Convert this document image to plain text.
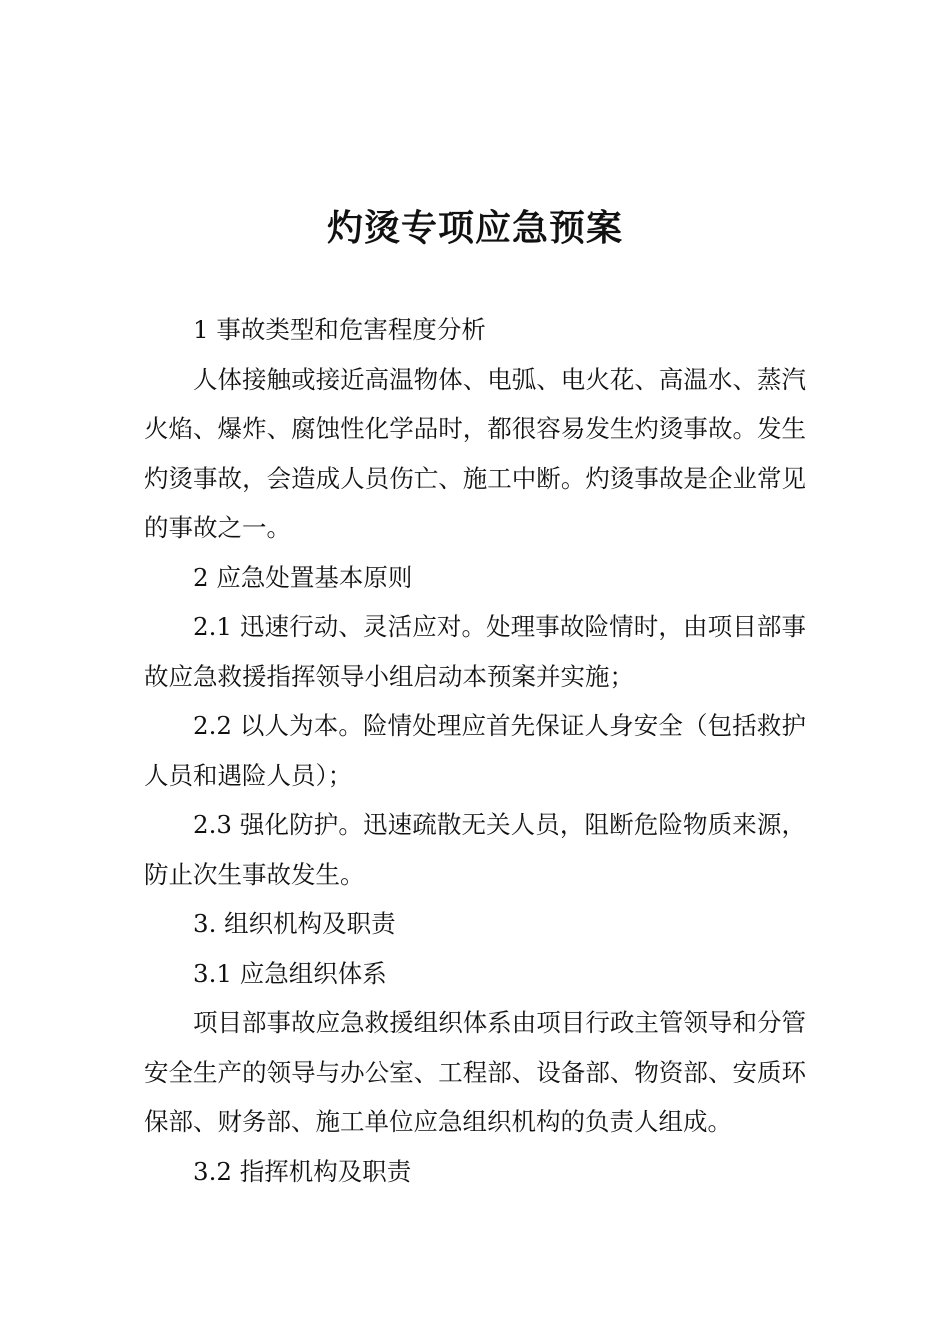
灼烫专项应急预案

1 事故类型和危害程度分析

人体接触或接近高温物体、电弧、电火花、高温水、蒸汽火焰、爆炸、腐蚀性化学品时，都很容易发生灼烫事故。发生灼烫事故，会造成人员伤亡、施工中断。灼烫事故是企业常见的事故之一。

2 应急处置基本原则

2.1 迅速行动、灵活应对。处理事故险情时，由项目部事故应急救援指挥领导小组启动本预案并实施；

2.2 以人为本。险情处理应首先保证人身安全（包括救护人员和遇险人员）；

2.3 强化防护。迅速疏散无关人员，阻断危险物质来源，防止次生事故发生。

3. 组织机构及职责

3.1 应急组织体系

项目部事故应急救援组织体系由项目行政主管领导和分管安全生产的领导与办公室、工程部、设备部、物资部、安质环保部、财务部、施工单位应急组织机构的负责人组成。

3.2 指挥机构及职责
